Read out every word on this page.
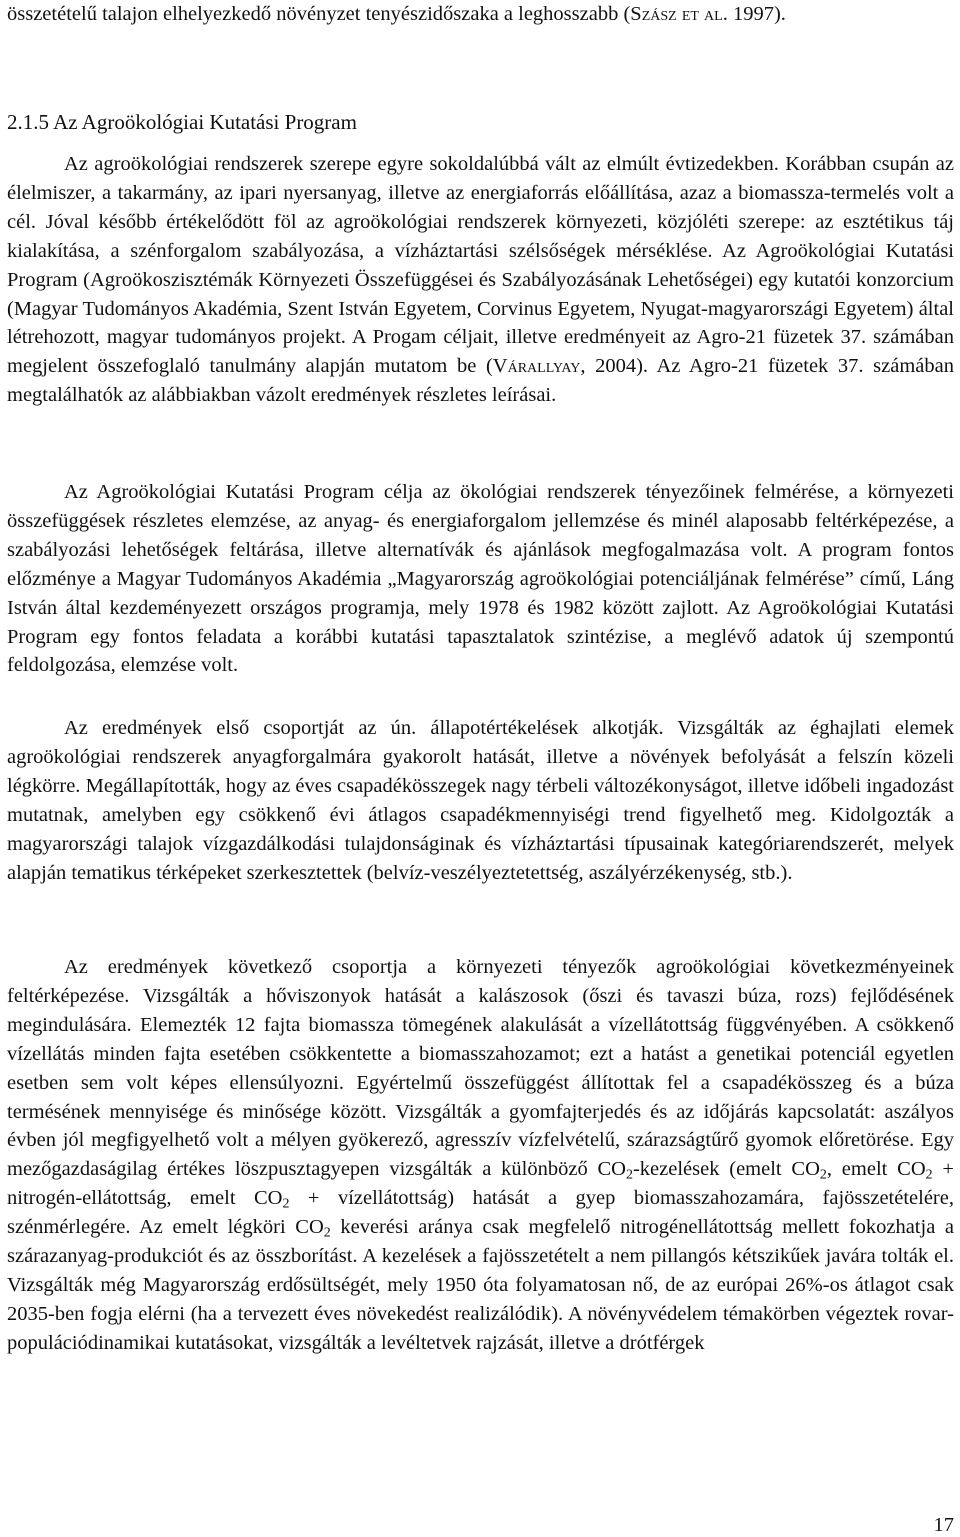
összetételű talajon elhelyezkedő növényzet tenyészidőszaka a leghosszabb (Szász et al. 1997).

2.1.5 Az Agroökológiai Kutatási Program

Az agroökológiai rendszerek szerepe egyre sokoldalúbbá vált az elmúlt évtizedekben. Korábban csupán az élelmiszer, a takarmány, az ipari nyersanyag, illetve az energiaforrás előállítása, azaz a biomassza-termelés volt a cél. Jóval később értékelődött föl az agroökológiai rendszerek környezeti, közjóléti szerepe: az esztétikus táj kialakítása, a szénforgalom szabályozása, a vízháztartási szélsőségek mérséklése. Az Agroökológiai Kutatási Program (Agroökoszisztémák Környezeti Összefüggései és Szabályozásának Lehetőségei) egy kutatói konzorcium (Magyar Tudományos Akadémia, Szent István Egyetem, Corvinus Egyetem, Nyugat-magyarországi Egyetem) által létrehozott, magyar tudományos projekt. A Progam céljait, illetve eredményeit az Agro-21 füzetek 37. számában megjelent összefoglaló tanulmány alapján mutatom be (Várallyay, 2004). Az Agro-21 füzetek 37. számában megtalálhatók az alábbiakban vázolt eredmények részletes leírásai.

Az Agroökológiai Kutatási Program célja az ökológiai rendszerek tényezőinek felmérése, a környezeti összefüggések részletes elemzése, az anyag- és energiaforgalom jellemzése és minél alaposabb feltérképezése, a szabályozási lehetőségek feltárása, illetve alternatívák és ajánlások megfogalmazása volt. A program fontos előzménye a Magyar Tudományos Akadémia „Magyarország agroökológiai potenciáljának felmérése” című, Láng István által kezdeményezett országos programja, mely 1978 és 1982 között zajlott. Az Agroökológiai Kutatási Program egy fontos feladata a korábbi kutatási tapasztalatok szintézise, a meglévő adatok új szempontú feldolgozása, elemzése volt.

Az eredmények első csoportját az ún. állapotértékelések alkotják. Vizsgálták az éghajlati elemek agroökológiai rendszerek anyagforgalmára gyakorolt hatását, illetve a növények befolyását a felszín közeli légkörre. Megállapították, hogy az éves csapadékösszegek nagy térbeli változékonyságot, illetve időbeli ingadozást mutatnak, amelyben egy csökkenő évi átlagos csapadékmennyiségi trend figyelhető meg. Kidolgozták a magyarországi talajok vízgazdálkodási tulajdonságinak és vízháztartási típusainak kategóriarendszerét, melyek alapján tematikus térképeket szerkesztettek (belvíz-veszélyeztetettség, aszályérzékenység, stb.).

Az eredmények következő csoportja a környezeti tényezők agroökológiai következményeinek feltérképezése. Vizsgálták a hőviszonyok hatását a kalászosok (őszi és tavaszi búza, rozs) fejlődésének megindulására. Elemezték 12 fajta biomassza tömegének alakulását a vízellátottság függvényében. A csökkenő vízellátás minden fajta esetében csökkentette a biomasszahozamot; ezt a hatást a genetikai potenciál egyetlen esetben sem volt képes ellensúlyozni. Egyértelmű összefüggést állítottak fel a csapadékösszeg és a búza termésének mennyisége és minősége között. Vizsgálták a gyomfajterjedés és az időjárás kapcsolatát: aszályos évben jól megfigyelhető volt a mélyen gyökerező, agresszív vízfelvételű, szárazságtűrő gyomok előretörése. Egy mezőgazdaságilag értékes löszpusztagyepen vizsgálták a különböző $CO_2$-kezelések (emelt $CO_2$, emelt $CO_2$ + nitrogén-ellátottság, emelt $CO_2$ + vízellátottság) hatását a gyep biomasszahozamára, fajösszetételére, szénmérlegére. Az emelt légköri $CO_2$ keverési aránya csak megfelelő nitrogénellátottság mellett fokozhatja a szárazanyag-produkciót és az összborítást. A kezelések a fajösszetételt a nem pillangós kétszikűek javára tolták el. Vizsgálták még Magyarország erdősültségét, mely 1950 óta folyamatosan nő, de az európai 26%-os átlagot csak 2035-ben fogja elérni (ha a tervezett éves növekedést realizálódik). A növényvédelem témakörben végeztek rovar-populációdinamikai kutatásokat, vizsgálták a levéltetvek rajzását, illetve a drótférgek

17
